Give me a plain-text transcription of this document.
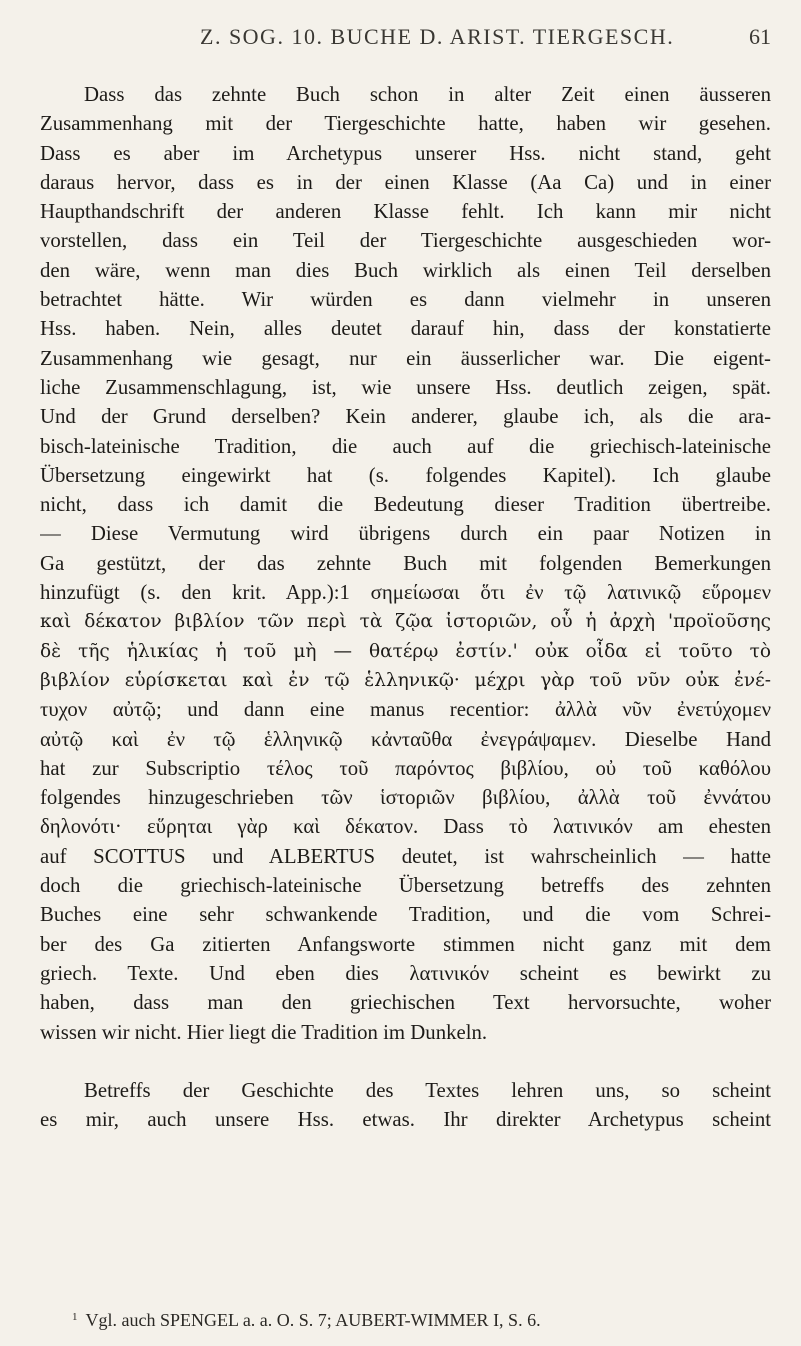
Z. SOG. 10. BUCHE D. ARIST. TIERGESCH.	61
Dass das zehnte Buch schon in alter Zeit einen äusseren
Zusammenhang mit der Tiergeschichte hatte, haben wir gesehen.
Dass es aber im Archetypus unserer Hss. nicht stand, geht
daraus hervor, dass es in der einen Klasse (Aa Ca) und in einer
Haupthandschrift der anderen Klasse fehlt. Ich kann mir nicht
vorstellen, dass ein Teil der Tiergeschichte ausgeschieden wor-
den wäre, wenn man dies Buch wirklich als einen Teil derselben
betrachtet hätte. Wir würden es dann vielmehr in unseren
Hss. haben. Nein, alles deutet darauf hin, dass der konstatierte
Zusammenhang wie gesagt, nur ein äusserlicher war. Die eigent-
liche Zusammenschlagung, ist, wie unsere Hss. deutlich zeigen, spät.
Und der Grund derselben? Kein anderer, glaube ich, als die ara-
bisch-lateinische Tradition, die auch auf die griechisch-lateinische
Übersetzung eingewirkt hat (s. folgendes Kapitel). Ich glaube
nicht, dass ich damit die Bedeutung dieser Tradition übertreibe.
— Diese Vermutung wird übrigens durch ein paar Notizen in
Ga gestützt, der das zehnte Buch mit folgenden Bemerkungen
hinzufügt (s. den krit. App.):1 σημείωσαι ὅτι ἐν τῷ λατινικῷ εὕρομεν
καὶ δέκατον βιβλίον τῶν περὶ τὰ ζῷα ἱστοριῶν, οὗ ἡ ἀρχὴ 'προϊοῦσης
δὲ τῆς ἡλικίας ἡ τοῦ μὴ — θατέρῳ ἐστίν.' οὐκ οἶδα εἰ τοῦτο τὸ
βιβλίον εὑρίσκεται καὶ ἐν τῷ ἑλληνικῷ· μέχρι γὰρ τοῦ νῦν οὐκ ἐνέ-
τυχον αὐτῷ; und dann eine manus recentior: ἀλλὰ νῦν ἐνετύχομεν
αὐτῷ καὶ ἐν τῷ ἑλληνικῷ κἀνταῦθα ἐνεγράψαμεν. Dieselbe Hand
hat zur Subscriptio τέλος τοῦ παρόντος βιβλίου, οὐ τοῦ καθόλου
folgendes hinzugeschrieben τῶν ἱστοριῶν βιβλίου, ἀλλὰ τοῦ ἐννάτου
δηλονότι· εὕρηται γὰρ καὶ δέκατον. Dass τὸ λατινικόν am ehesten
auf SCOTTUS und ALBERTUS deutet, ist wahrscheinlich — hatte
doch die griechisch-lateinische Übersetzung betreffs des zehnten
Buches eine sehr schwankende Tradition, und die vom Schrei-
ber des Ga zitierten Anfangsworte stimmen nicht ganz mit dem
griech. Texte. Und eben dies λατινικόν scheint es bewirkt zu
haben, dass man den griechischen Text hervorsuchte, woher
wissen wir nicht. Hier liegt die Tradition im Dunkeln.
Betreffs der Geschichte des Textes lehren uns, so scheint
es mir, auch unsere Hss. etwas. Ihr direkter Archetypus scheint
$^1$ Vgl. auch SPENGEL a. a. O. S. 7; AUBERT-WIMMER I, S. 6.
